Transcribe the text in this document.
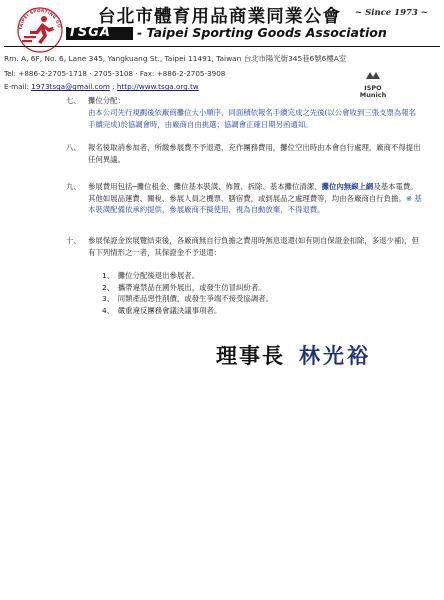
TAIPEI SPORTING GO 台北市體育用品商業同業公會 ~ Since 1973 ~
TSGA - Taipei Sporting Goods Association
Rm. A, 6F, No. 6, Lane 345, Yangkuang St., Taipei 11491, Taiwan 台北市陽光街345巷6號6樓A室
Tel: +886-2-2705-1718 · 2705-3108 · Fax: +886-2-2705-3908
E-mail: 1973tsga@gmail.com ; http://www.tsga.org.tw	ISPO
Munich
七、 攤位分配：
由本公司先行規劃後依廠商攤位大小順序，同面積依報名手續完成之先後(以公會收到三張支票為報名手續完成)於協調會時，由廠商自由挑選；協調會正確日期另函通知。
八、 報名後取消參加者，所繳參展費不予退還，充作團務費用，攤位空出時由本會自行處理，廠商不得提出任何異議。
九、 參展費用包括─攤位租金、攤位基本裝潢、佈置、拆除、基本攤位清潔、攤位內無線上網及基本電費。其他如展品運費、關稅、參展人員之機票、膳宿費，或到展品之處理費等，均由各廠商自行負擔。※ 基本裝潢配備依承約提供，參展廠商不擬使用，視為自動放棄，不得退費。
十、 參展保證金俟展覽結束後，各廠商無自行負擔之費用時無息退還(如有則自保證金扣除，多退少補)，但有下列情形之一者，其保證金不予退還：
1、　攤位分配後退出參展者。
2、　攜帶違禁品在國外展出，或發生仿冒糾紛者。
3、　同類產品惡性削價，或發生爭端不接受協調者。
4、　嚴重違反團務會議決議事項者。
理事長 林光裕
